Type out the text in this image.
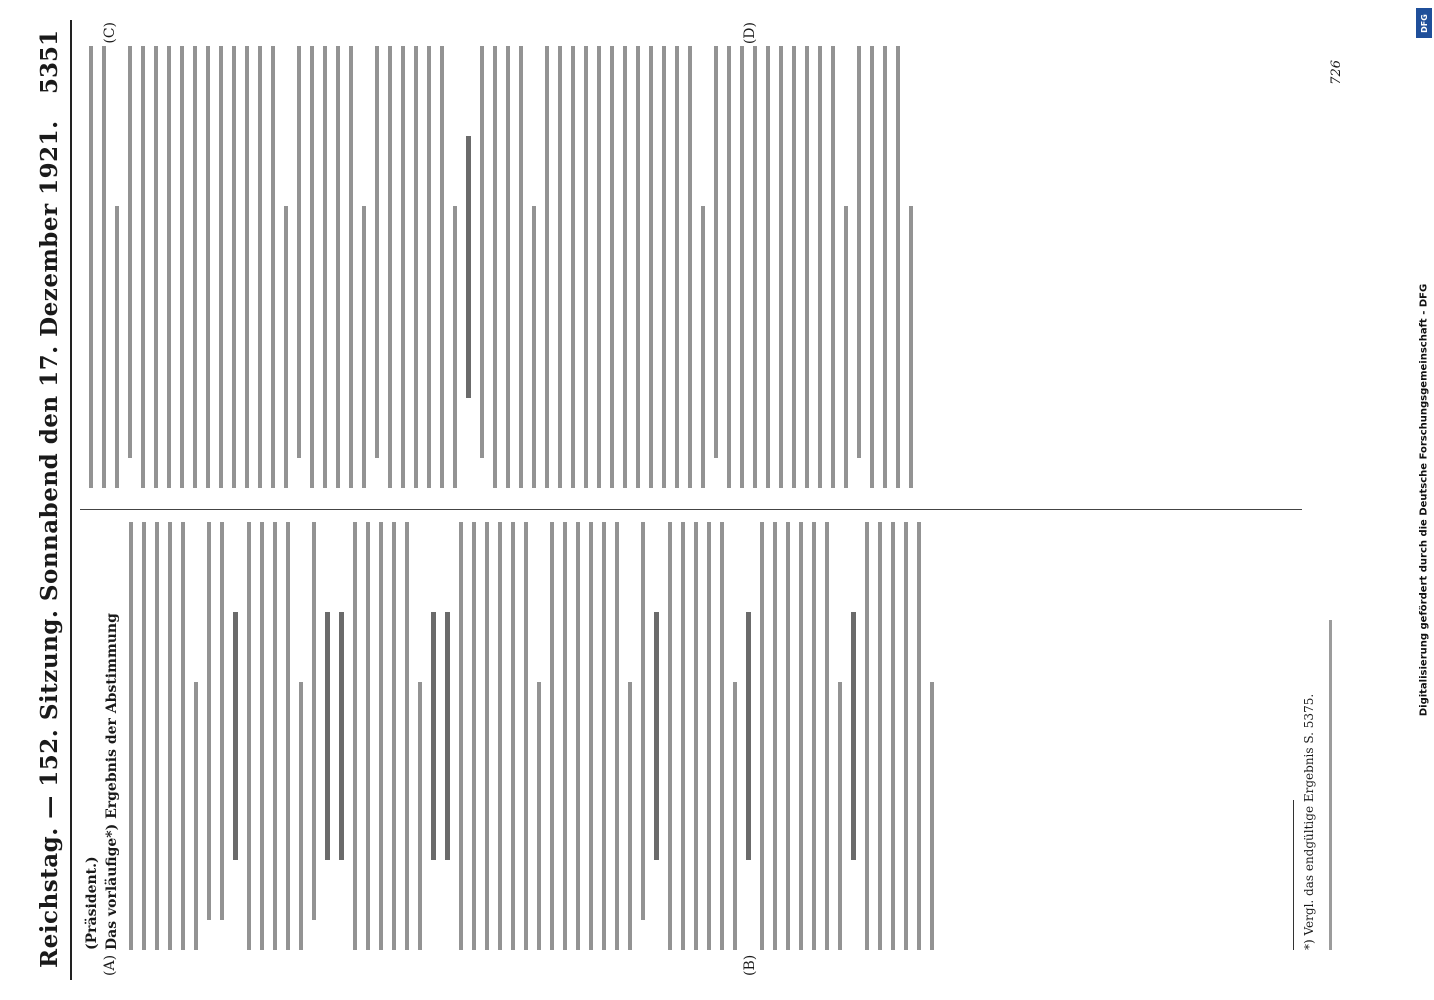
Reichstag. — 152. Sitzung. Sonnabend den 17. Dezember 1921.
5351
(A)	(B)
(C)	(D)
(Präsident.) Das vorläufige*) Ergebnis der Abstimmung	*) Vergl. das endgültige Ergebnis S. 5375.
726
Digitalisierung gefördert durch die Deutsche Forschungsgemeinschaft - DFG
DFG
